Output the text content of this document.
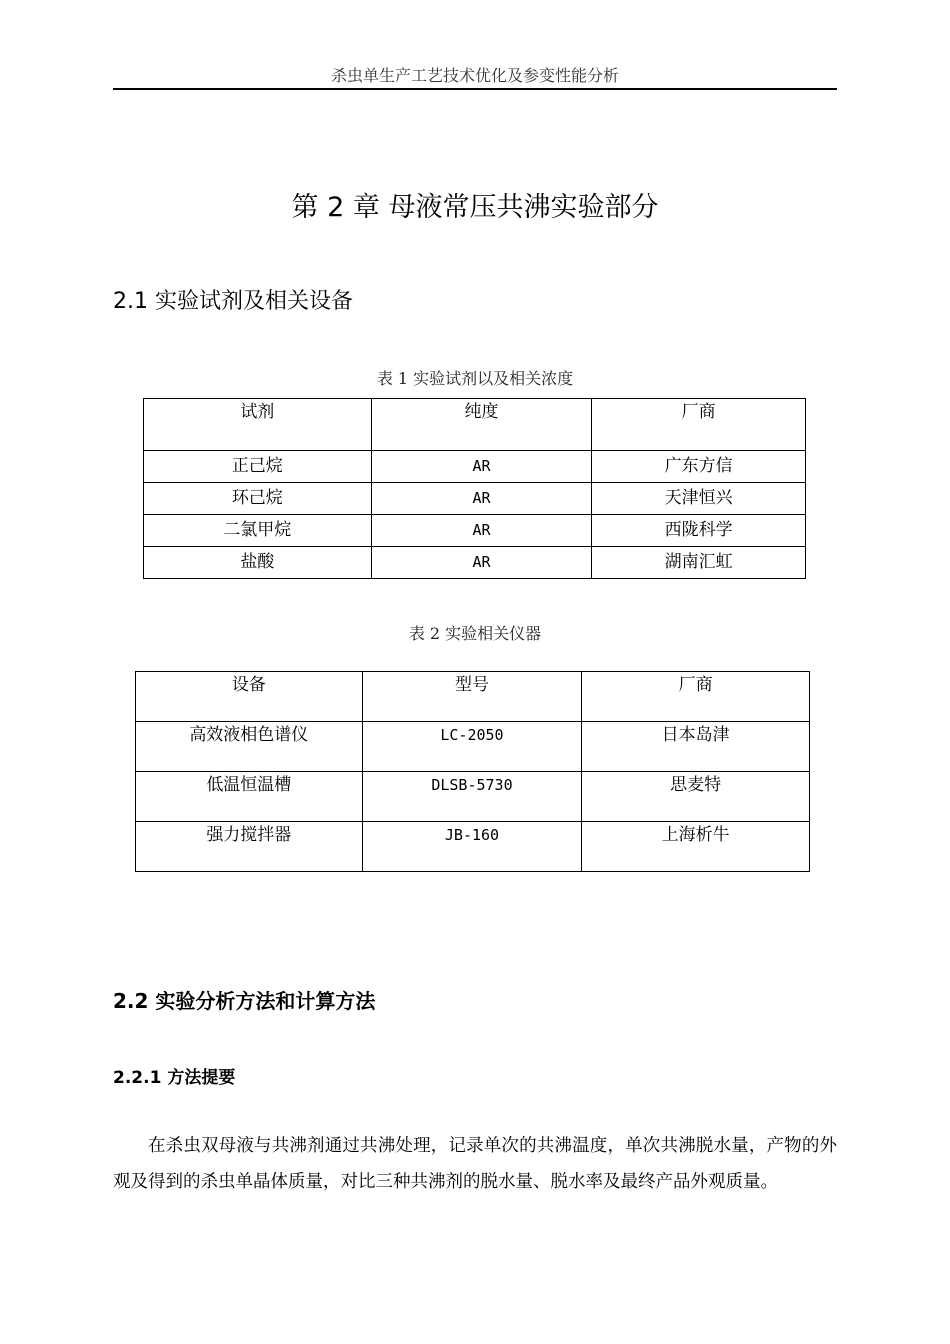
杀虫单生产工艺技术优化及参变性能分析
第 2 章 母液常压共沸实验部分
2.1 实验试剂及相关设备
表 1 实验试剂以及相关浓度
试剂	纯度	厂商
正己烷	AR	广东方信
环己烷	AR	天津恒兴
二氯甲烷	AR	西陇科学
盐酸	AR	湖南汇虹
表 2 实验相关仪器
设备	型号	厂商
高效液相色谱仪	LC-2050	日本岛津
低温恒温槽	DLSB-5730	思麦特
强力搅拌器	JB-160	上海析牛
2.2 实验分析方法和计算方法
2.2.1 方法提要

在杀虫双母液与共沸剂通过共沸处理，记录单次的共沸温度，单次共沸脱水量，产物的外观及得到的杀虫单晶体质量，对比三种共沸剂的脱水量、脱水率及最终产品外观质量。
